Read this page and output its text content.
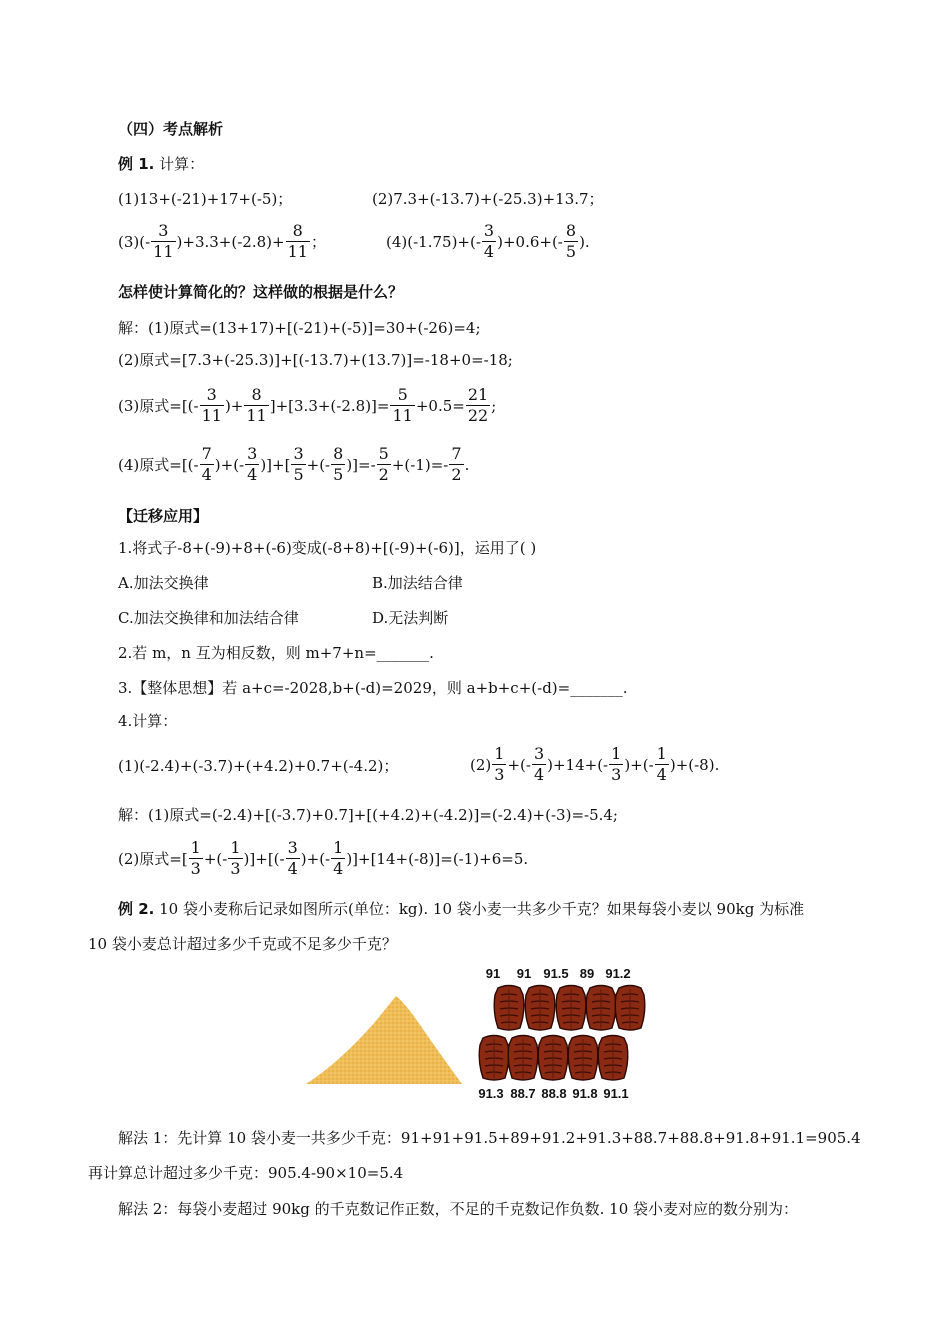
（四）考点解析
例 1. 计算：
(1)13+(-21)+17+(-5)；	(2)7.3+(-13.7)+(-25.3)+13.7；
$(3)(- \frac{3}{11} )+3.3+(-2.8)+ \frac{8}{11}$ ；	$(4)(-1.75)+(- \frac{3}{4} )+0.6+(- \frac{8}{5}$ ).
怎样使计算简化的？这样做的根据是什么？
解：(1)原式=(13+17)+[(-21)+(-5)]=30+(-26)=4;
(2)原式=[7.3+(-25.3)]+[(-13.7)+(13.7)]=-18+0=-18;
(3)原式=[(- $\frac{3}{11}$ )+ $\frac{8}{11} ]+[3.3+(-2.8)]= \frac{5}{11} +0.5= \frac{21}{22}$ ;
(4)原式=[(- $\frac{7}{4}$ )+(- $\frac{3}{4}$ )]+[ $\frac{3}{5}$ +(- $\frac{8}{5}$ )]=- $\frac{5}{2} +(-1)=- \frac{7}{2}$ .
【迁移应用】
1.将式子-8+(-9)+8+(-6)变成(-8+8)+[(-9)+(-6)]，运用了( )
A.加法交换律	B.加法结合律
C.加法交换律和加法结合律	D.无法判断
2.若 m，n 互为相反数，则 m+7+n=_______.
3.【整体思想】若 a+c=-2028,b+(-d)=2029，则 a+b+c+(-d)=_______.
4.计算：
(1)(-2.4)+(-3.7)+(+4.2)+0.7+(-4.2)；	$(2) \frac{1}{3}$ +(- $\frac{3}{4} )+14+(- \frac{1}{3}$ )+(- $\frac{1}{4} )+(-8)$.
解：(1)原式=(-2.4)+[(-3.7)+0.7]+[(+4.2)+(-4.2)]=(-2.4)+(-3)=-5.4;
(2)原式=[ $\frac{1}{3}$ +(- $\frac{1}{3}$ )]+[(- $\frac{3}{4}$ )+(- $\frac{1}{4} )]+[14+(-8)]=(-1)+6=5$.
例 2. 10 袋小麦称后记录如图所示(单位：kg). 10 袋小麦一共多少千克？如果每袋小麦以 90kg 为标准
10 袋小麦总计超过多少千克或不足多少千克？
91 91 91.5 89 91.2
91.3 88.7 88.8 91.8 91.1
解法 1：先计算 10 袋小麦一共多少千克：91+91+91.5+89+91.2+91.3+88.7+88.8+91.8+91.1=905.4
再计算总计超过多少千克：905.4-90×10=5.4
解法 2：每袋小麦超过 90kg 的千克数记作正数，不足的千克数记作负数. 10 袋小麦对应的数分别为：
